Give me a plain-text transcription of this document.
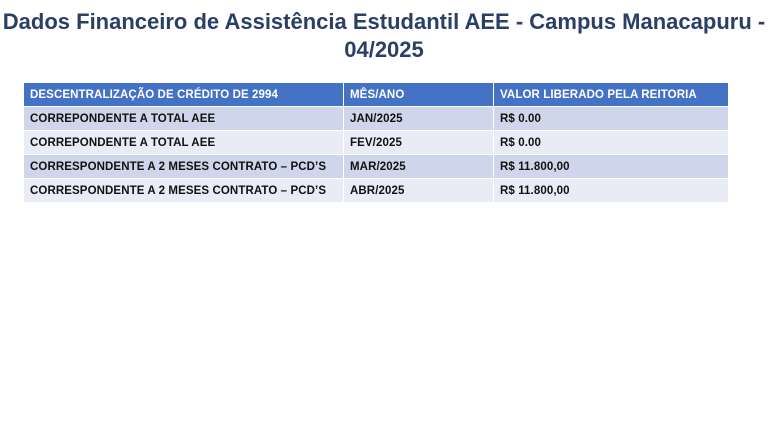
Dados Financeiro de Assistência Estudantil AEE - Campus Manacapuru -
04/2025
DESCENTRALIZAÇÃO DE CRÉDITO DE 2994	MÊS/ANO	VALOR LIBERADO PELA REITORIA
CORREPONDENTE A TOTAL AEE	JAN/2025	R$ 0.00
CORREPONDENTE A TOTAL AEE	FEV/2025	R$ 0.00
CORRESPONDENTE A 2 MESES CONTRATO – PCD’S	MAR/2025	R$ 11.800,00
CORRESPONDENTE A 2 MESES CONTRATO – PCD’S	ABR/2025	R$ 11.800,00
